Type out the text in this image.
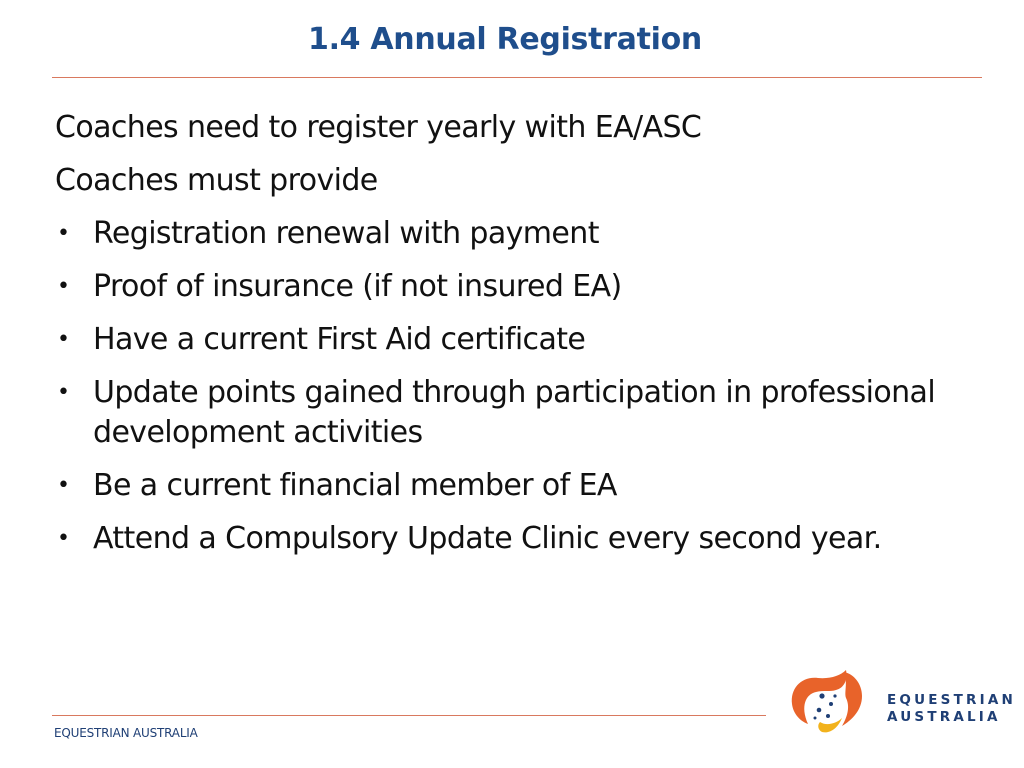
1.4 Annual Registration
Coaches need to register yearly with EA/ASC
Coaches must provide
• Registration renewal with payment
• Proof of insurance (if not insured EA)
• Have a current First Aid certificate
• Update points gained through participation in professional development activities
• Be a current financial member of EA
• Attend a Compulsory Update Clinic every second year.
EQUESTRIAN AUSTRALIA
EQUESTRIAN
AUSTRALIA
